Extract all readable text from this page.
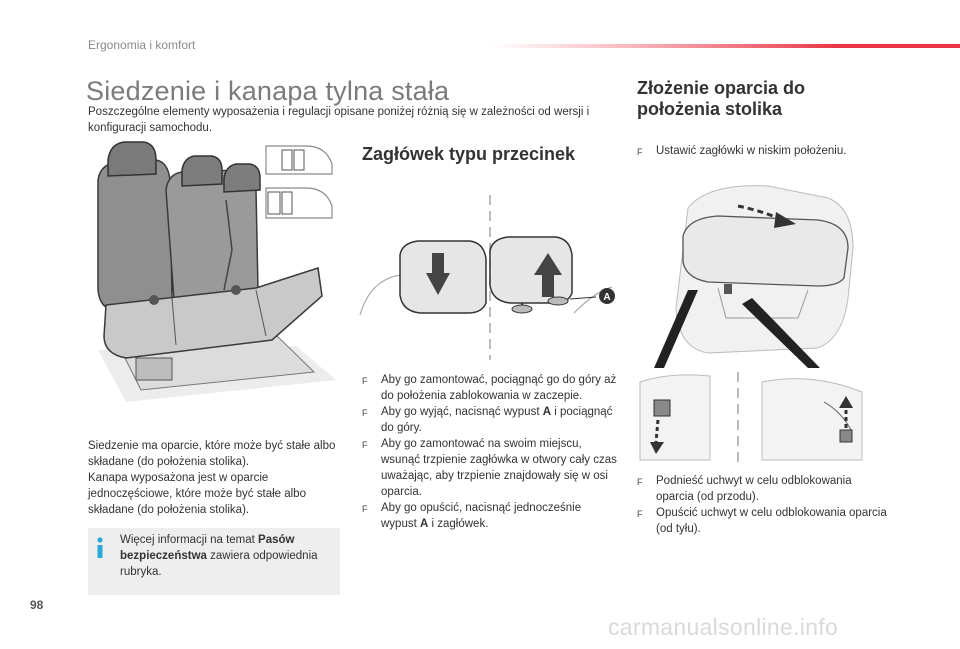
Ergonomia i komfort
Siedzenie i kanapa tylna stała
Poszczególne elementy wyposażenia i regulacji opisane poniżej różnią się w zależności od wersji i konfiguracji samochodu.
Siedzenie ma oparcie, które może być stałe albo składane (do położenia stolika).
Kanapa wyposażona jest w oparcie jednoczęściowe, które może być stałe albo składane (do położenia stolika).
Więcej informacji na temat Pasów bezpieczeństwa zawiera odpowiednia rubryka.
Zagłówek typu przecinek
A
F Aby go zamontować, pociągnąć go do góry aż do położenia zablokowania w zaczepie.
F Aby go wyjąć, nacisnąć wypust A i pociągnąć do góry.
F Aby go zamontować na swoim miejscu, wsunąć trzpienie zagłówka w otwory cały czas uważając, aby trzpienie znajdowały się w osi oparcia.
F Aby go opuścić, nacisnąć jednocześnie wypust A i zagłówek.
Złożenie oparcia do
położenia stolika
F Ustawić zagłówki w niskim położeniu.
F Podnieść uchwyt w celu odblokowania oparcia (od przodu).
F Opuścić uchwyt w celu odblokowania oparcia (od tyłu).
98
carmanualsonline.info
